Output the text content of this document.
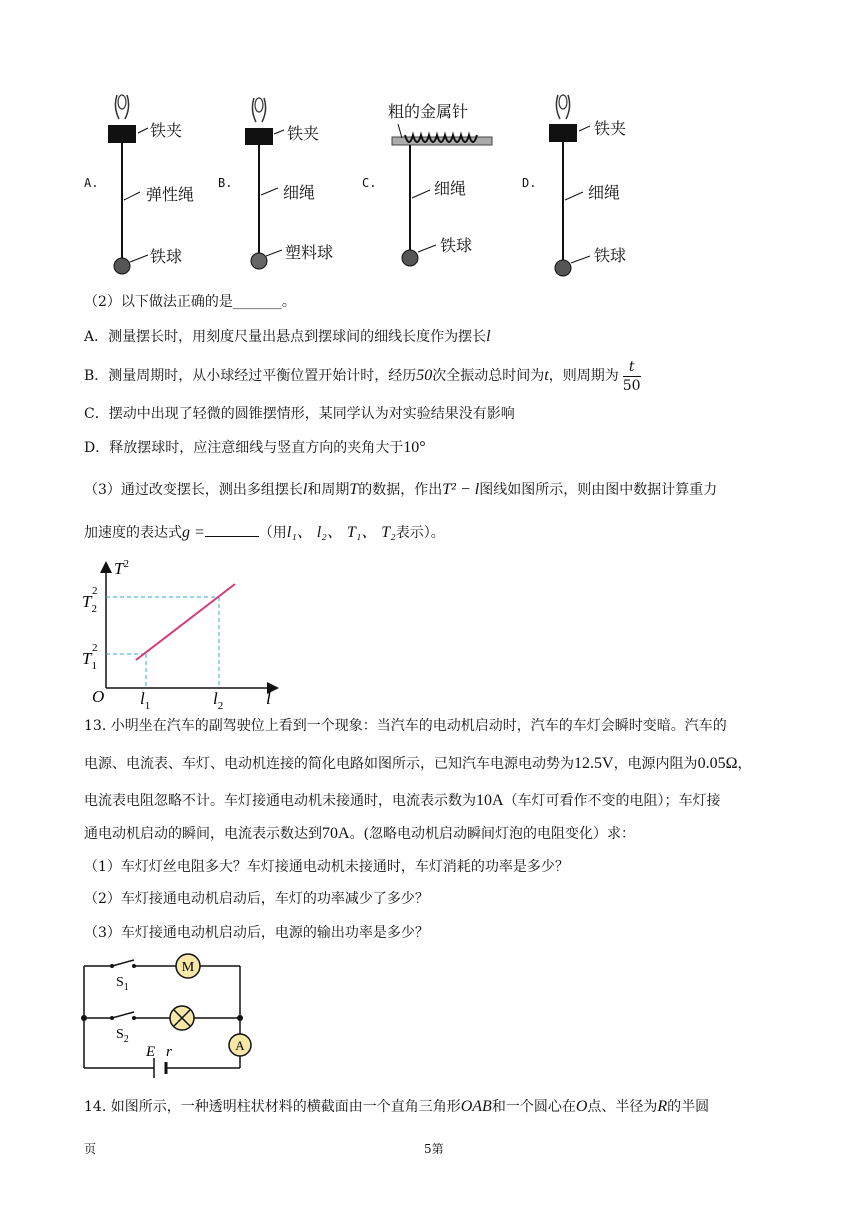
A.
铁夹
弹性绳
铁球
B.
铁夹
细绳
塑料球
C.
粗的金属针
细绳
铁球
D.
铁夹
细绳
铁球
（2）以下做法正确的是_______。
A．测量摆长时，用刻度尺量出悬点到摆球间的细线长度作为摆长l
B．测量周期时，从小球经过平衡位置开始计时，经历 50 次全振动总时间为 t ，则周期为 $\frac{t}{50}$
C．摆动中出现了轻微的圆锥摆情形，某同学认为对实验结果没有影响
D．释放摆球时，应注意细线与竖直方向的夹角大于10°
（3）通过改变摆长，测出多组摆长l和周期T的数据，作出T² − l图线如图所示，则由图中数据计算重力
加速度的表达式g =	（用l₁、 l₂、 T₁、 T₂表示）。
$T^2$
$T_2$
2
$T_1$
2
O $l_1$	$l_2$ l
13. 小明坐在汽车的副驾驶位上看到一个现象：当汽车的电动机启动时，汽车的车灯会瞬时变暗。汽车的
电源、电流表、车灯、电动机连接的简化电路如图所示，已知汽车电源电动势为12.5V，电源内阻为0.05Ω，
电流表电阻忽略不计。车灯接通电动机未接通时，电流表示数为10A（车灯可看作不变的电阻）；车灯接
通电动机启动的瞬间，电流表示数达到70A。(忽略电动机启动瞬间灯泡的电阻变化）求：
（1）车灯灯丝电阻多大？车灯接通电动机未接通时，车灯消耗的功率是多少？
（2）车灯接通电动机启动后，车灯的功率减少了多少？
（3）车灯接通电动机启动后，电源的输出功率是多少？
M
A
$S_1$
$S_2$
E r
14. 如图所示，一种透明柱状材料的横截面由一个直角三角形OAB和一个圆心在O点、半径为R的半圆
页	5第
